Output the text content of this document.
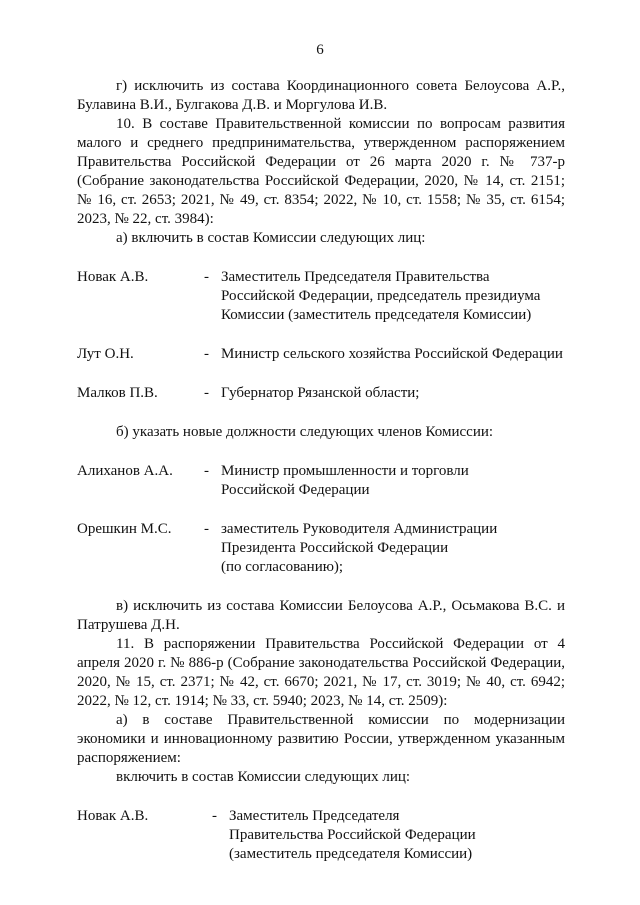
6

г) исключить из состава Координационного совета Белоусова А.Р., Булавина В.И., Булгакова Д.В. и Моргулова И.В.

10. В составе Правительственной комиссии по вопросам развития малого и среднего предпринимательства, утвержденном распоряжением Правительства Российской Федерации от 26 марта 2020 г. № 737-р (Собрание законодательства Российской Федерации, 2020, № 14, ст. 2151; № 16, ст. 2653; 2021, № 49, ст. 8354; 2022, № 10, ст. 1558; № 35, ст. 6154; 2023, № 22, ст. 3984):

а) включить в состав Комиссии следующих лиц:

Новак А.В.	- Заместитель Председателя Правительства
Российской Федерации, председатель президиума
Комиссии (заместитель председателя Комиссии)
Лут О.Н.	- Министр сельского хозяйства Российской Федерации
Малков П.В.	- Губернатор Рязанской области;

б) указать новые должности следующих членов Комиссии:

Алиханов А.А.	- Министр промышленности и торговли
Российской Федерации
Орешкин М.С.	- заместитель Руководителя Администрации
Президента Российской Федерации
(по согласованию);

в) исключить из состава Комиссии Белоусова А.Р., Осьмакова В.С. и Патрушева Д.Н.

11. В распоряжении Правительства Российской Федерации от 4 апреля 2020 г. № 886-р (Собрание законодательства Российской Федерации, 2020, № 15, ст. 2371; № 42, ст. 6670; 2021, № 17, ст. 3019; № 40, ст. 6942; 2022, № 12, ст. 1914; № 33, ст. 5940; 2023, № 14, ст. 2509):

а) в составе Правительственной комиссии по модернизации экономики и инновационному развитию России, утвержденном указанным распоряжением:

включить в состав Комиссии следующих лиц:

Новак А.В.	- Заместитель Председателя
Правительства Российской Федерации
(заместитель председателя Комиссии)
